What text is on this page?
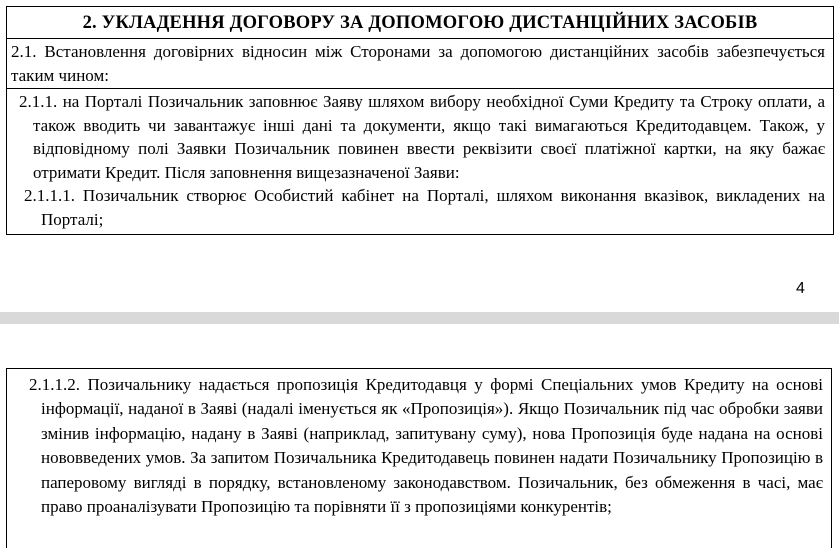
2. УКЛАДЕННЯ ДОГОВОРУ ЗА ДОПОМОГОЮ ДИСТАНЦІЙНИХ ЗАСОБІВ

2.1. Встановлення договірних відносин між Сторонами за допомогою дистанційних засобів забезпечується таким чином:

2.1.1. на Порталі Позичальник заповнює Заяву шляхом вибору необхідної Суми Кредиту та Строку оплати, а також вводить чи завантажує інші дані та документи, якщо такі вимагаються Кредитодавцем. Також, у відповідному полі Заявки Позичальник повинен ввести реквізити своєї платіжної картки, на яку бажає отримати Кредит. Після заповнення вищезазначеної Заяви:

2.1.1.1. Позичальник створює Особистий кабінет на Порталі, шляхом виконання вказівок, викладених на Порталі;

4

2.1.1.2. Позичальнику надається пропозиція Кредитодавця у формі Спеціальних умов Кредиту на основі інформації, наданої в Заяві (надалі іменується як «Пропозиція»). Якщо Позичальник під час обробки заяви змінив інформацію, надану в Заяві (наприклад, запитувану суму), нова Пропозиція буде надана на основі нововведених умов. За запитом Позичальника Кредитодавець повинен надати Позичальнику Пропозицію в паперовому вигляді в порядку, встановленому законодавством. Позичальник, без обмеження в часі, має право проаналізувати Пропозицію та порівняти її з пропозиціями конкурентів;
